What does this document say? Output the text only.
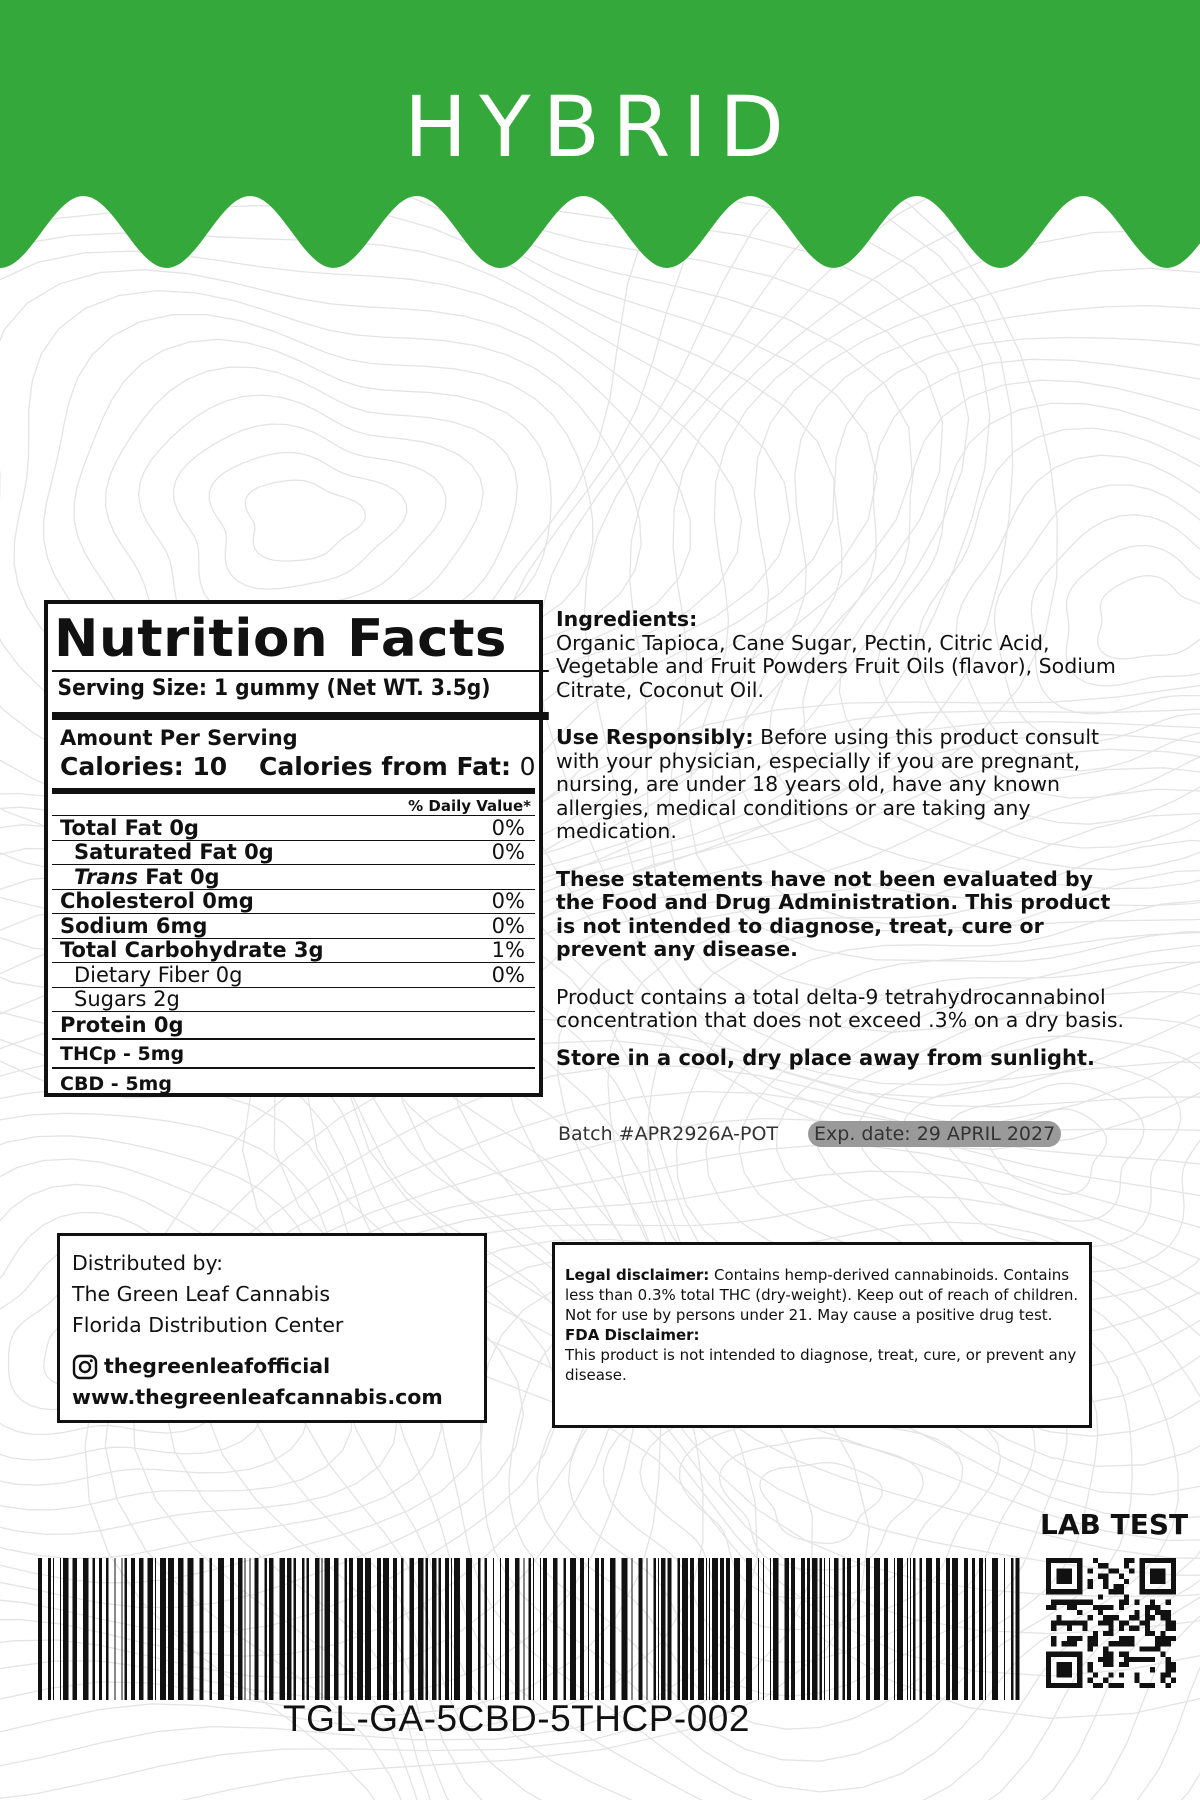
HYBRID
Nutrition Facts
Serving Size: 1 gummy (Net WT. 3.5g)
Amount Per Serving
Calories: 10 Calories from Fat: 0
% Daily Value*
Total Fat 0g	0%
Saturated Fat 0g	0%
Trans Fat 0g
Cholesterol 0mg	0%
Sodium 6mg	0%
Total Carbohydrate 3g	1%
Dietary Fiber 0g	0%
Sugars 2g
Protein 0g
THCp - 5mg
CBD - 5mg

Ingredients:
Organic Tapioca, Cane Sugar, Pectin, Citric Acid, Vegetable and Fruit Powders Fruit Oils (flavor), Sodium Citrate, Coconut Oil.

Use Responsibly: Before using this product consult with your physician, especially if you are pregnant, nursing, are under 18 years old, have any known allergies, medical conditions or are taking any medication.

These statements have not been evaluated by the Food and Drug Administration. This product is not intended to diagnose, treat, cure or prevent any disease.

Product contains a total delta-9 tetrahydrocannabinol concentration that does not exceed .3% on a dry basis.

Store in a cool, dry place away from sunlight.

Batch #APR2926A-POT	Exp. date: 29 APRIL 2027
Distributed by:
The Green Leaf Cannabis
Florida Distribution Center
thegreenleafofficial
www.thegreenleafcannabis.com
Legal disclaimer: Contains hemp-derived cannabinoids. Contains less than 0.3% total THC (dry-weight). Keep out of reach of children. Not for use by persons under 21. May cause a positive drug test.
FDA Disclaimer:
This product is not intended to diagnose, treat, cure, or prevent any disease.
LAB TEST
TGL-GA-5CBD-5THCP-002
